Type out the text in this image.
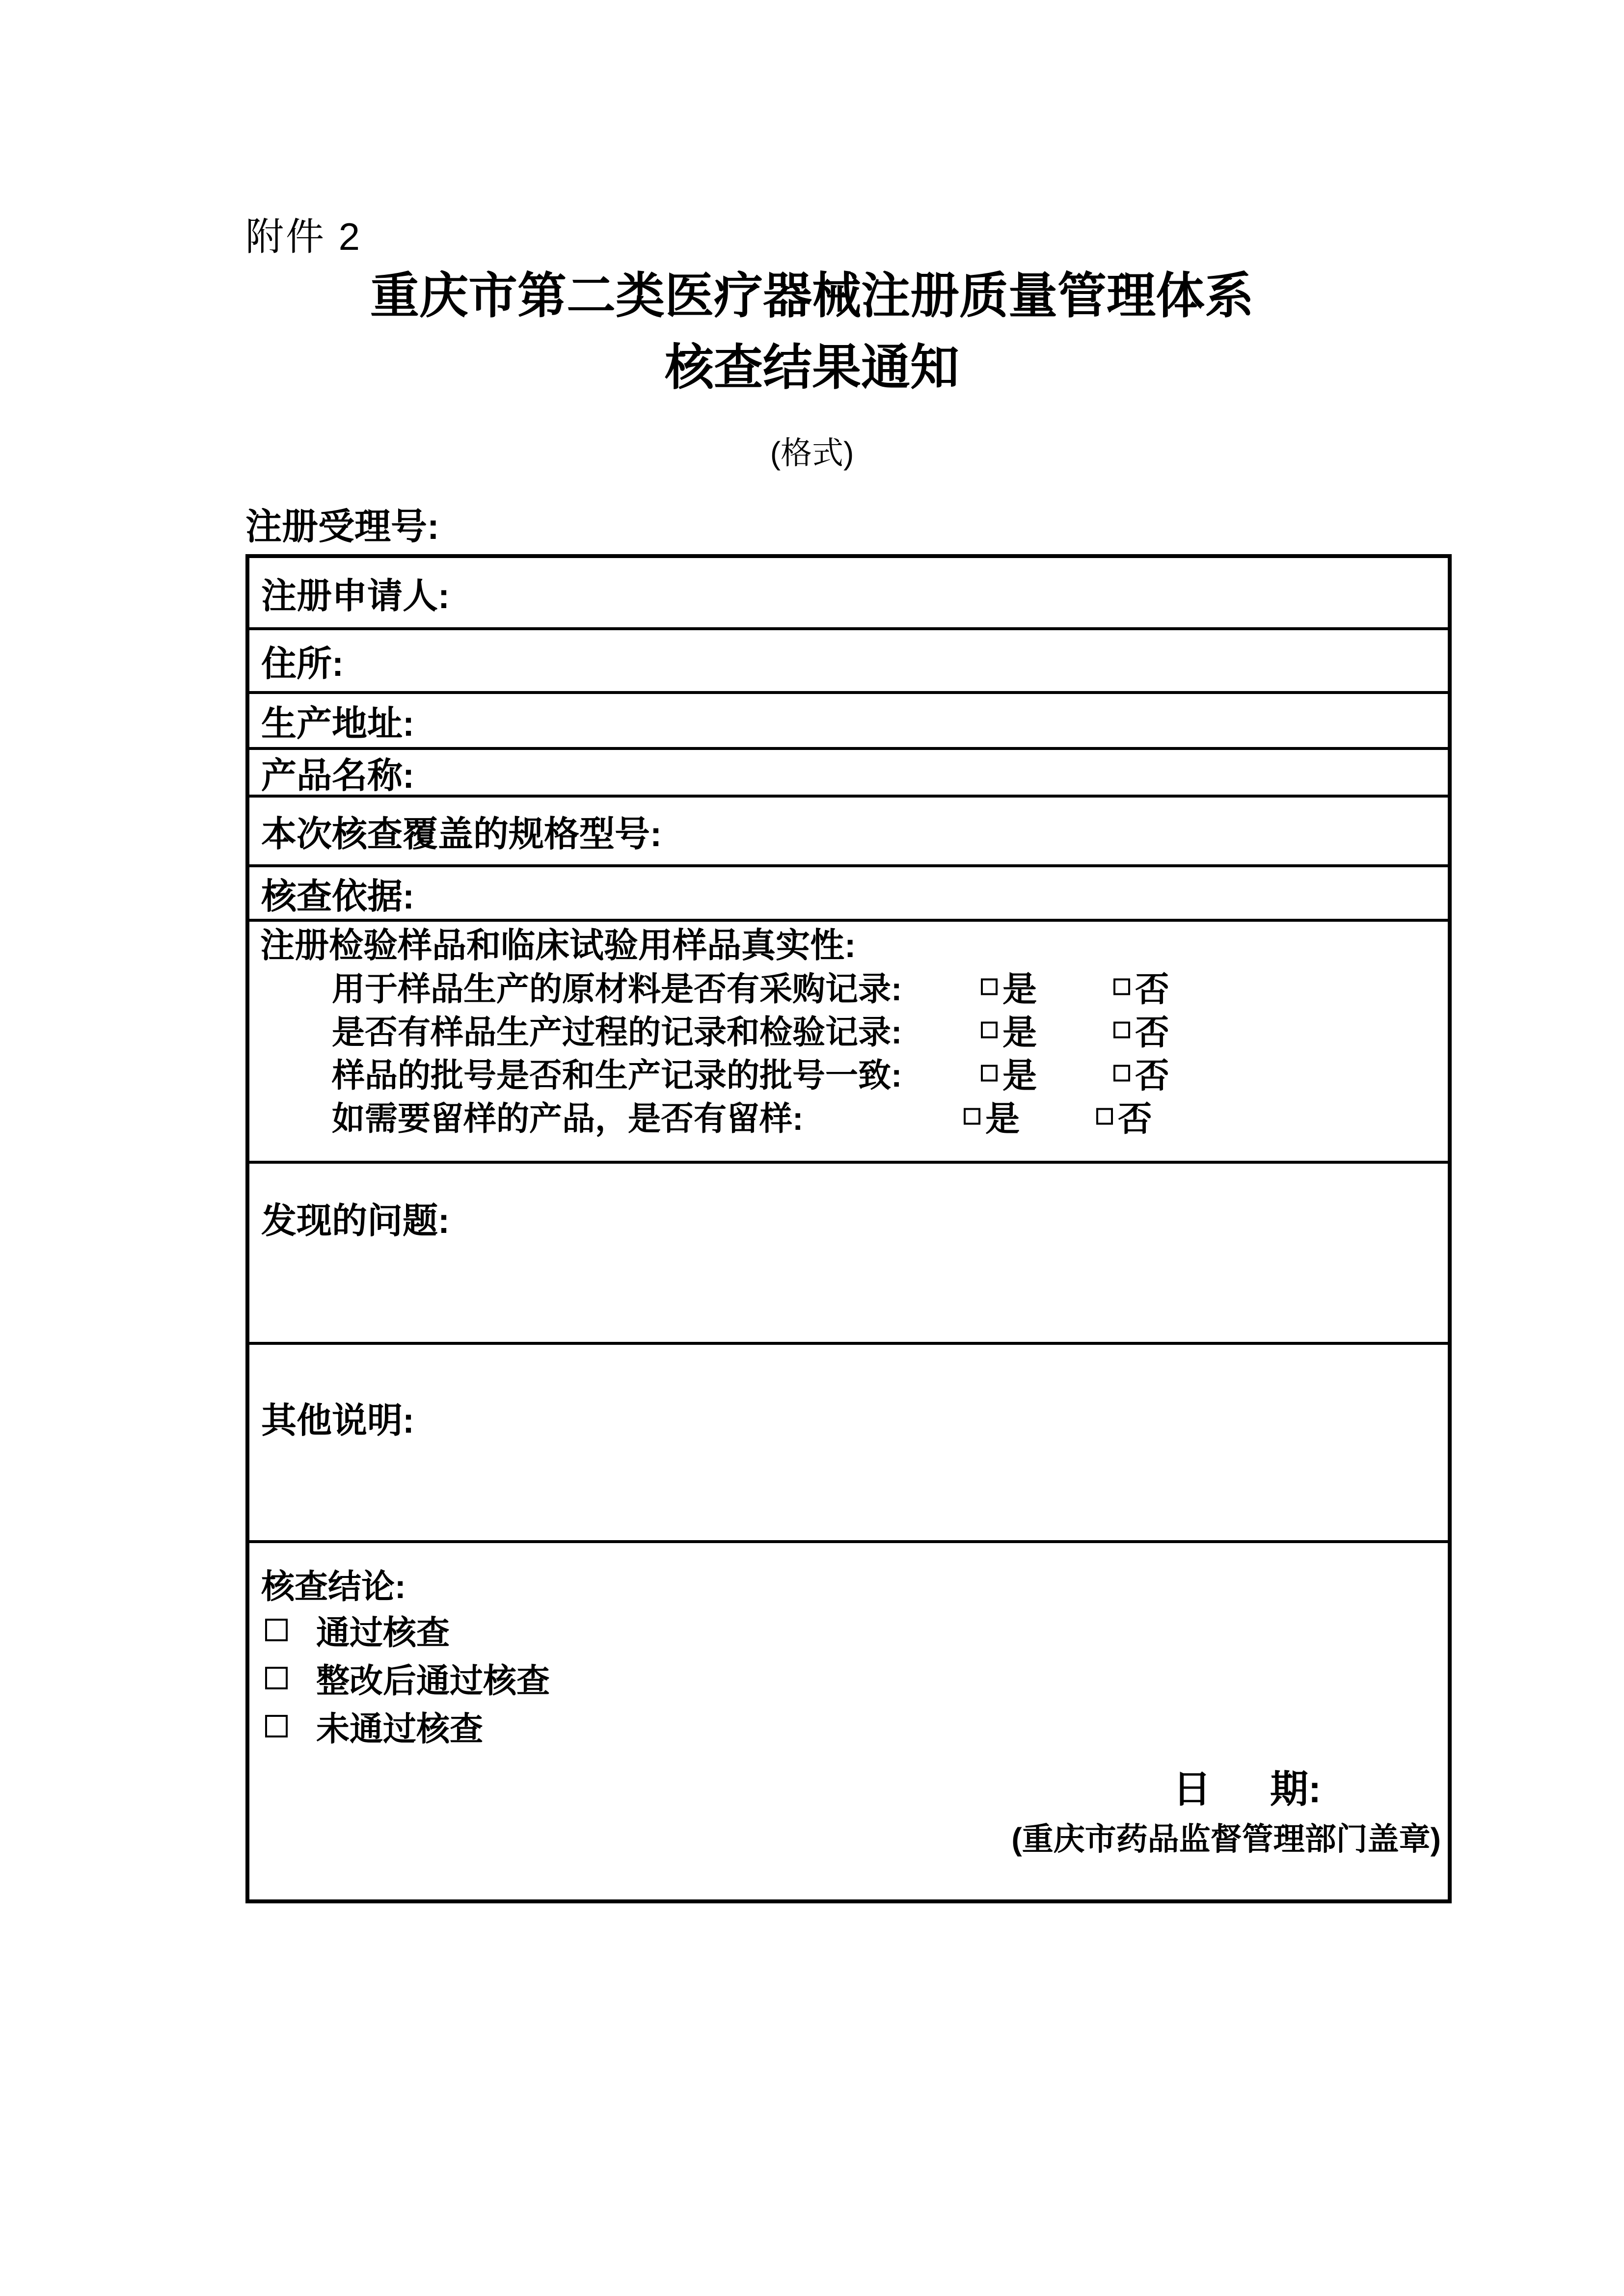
附件 2
重庆市第二类医疗器械注册质量管理体系
核查结果通知
(格式)
注册受理号:
注册申请人:
住所:
生产地址:
产品名称:
本次核查覆盖的规格型号:
核查依据:
注册检验样品和临床试验用样品真实性:
用于样品生产的原材料是否有采购记录:	是	否
是否有样品生产过程的记录和检验记录:	是	否
样品的批号是否和生产记录的批号一致:	是	否
如需要留样的产品，是否有留样:	是	否
发现的问题:
其他说明:
核查结论:
通过核查
整改后通过核查
未通过核查
日 期:
(重庆市药品监督管理部门盖章)
